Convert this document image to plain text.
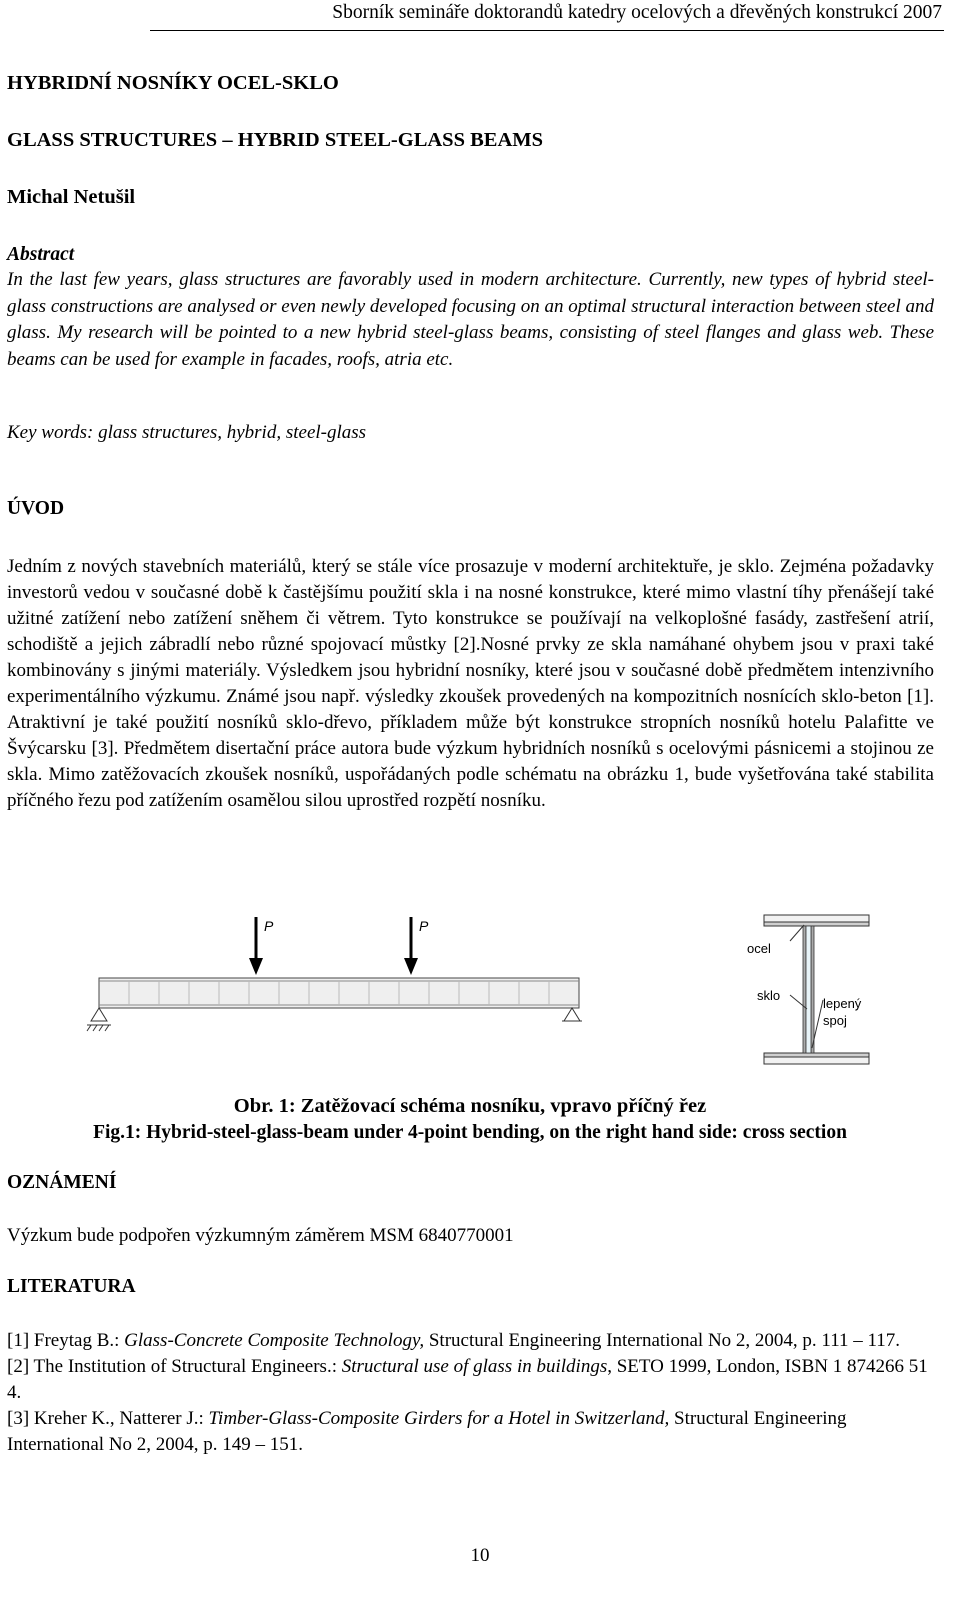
Sborník semináře doktorandů katedry ocelových a dřevěných konstrukcí 2007
HYBRIDNÍ NOSNÍKY OCEL-SKLO
GLASS STRUCTURES – HYBRID STEEL-GLASS BEAMS
Michal Netušil
Abstract

In the last few years, glass structures are favorably used in modern architecture. Currently, new types of hybrid steel-glass constructions are analysed or even newly developed focusing on an optimal structural interaction between steel and glass. My research will be pointed to a new hybrid steel-glass beams, consisting of steel flanges and glass web. These beams can be used for example in facades, roofs, atria etc.

Key words: glass structures, hybrid, steel-glass
ÚVOD

Jedním z nových stavebních materiálů, který se stále více prosazuje v moderní architektuře, je sklo. Zejména požadavky investorů vedou v současné době k častějšímu použití skla i na nosné konstrukce, které mimo vlastní tíhy přenášejí také užitné zatížení nebo zatížení sněhem či větrem. Tyto konstrukce se používají na velkoplošné fasády, zastřešení atrií, schodiště a jejich zábradlí nebo různé spojovací můstky [2].Nosné prvky ze skla namáhané ohybem jsou v praxi také kombinovány s jinými materiály. Výsledkem jsou hybridní nosníky, které jsou v současné době předmětem intenzivního experimentálního výzkumu. Známé jsou např. výsledky zkoušek provedených na kompozitních nosnících sklo-beton [1]. Atraktivní je také použití nosníků sklo-dřevo, příkladem může být konstrukce stropních nosníků hotelu Palafitte ve Švýcarsku [3]. Předmětem disertační práce autora bude výzkum hybridních nosníků s ocelovými pásnicemi a stojinou ze skla. Mimo zatěžovacích zkoušek nosníků, uspořádaných podle schématu na obrázku 1, bude vyšetřována také stabilita příčného řezu pod zatížením osamělou silou uprostřed rozpětí nosníku.

P	P
ocel
sklo
lepený
spoj
Obr. 1: Zatěžovací schéma nosníku, vpravo příčný řez
Fig.1: Hybrid-steel-glass-beam under 4-point bending, on the right hand side: cross section
OZNÁMENÍ
Výzkum bude podpořen výzkumným záměrem MSM 6840770001
LITERATURA

[1] Freytag B.: Glass-Concrete Composite Technology, Structural Engineering International No 2, 2004, p. 111 – 117.

[2] The Institution of Structural Engineers.: Structural use of glass in buildings, SETO 1999, London, ISBN 1 874266 51 4.

[3] Kreher K., Natterer J.: Timber-Glass-Composite Girders for a Hotel in Switzerland, Structural Engineering International No 2, 2004, p. 149 – 151.

10
